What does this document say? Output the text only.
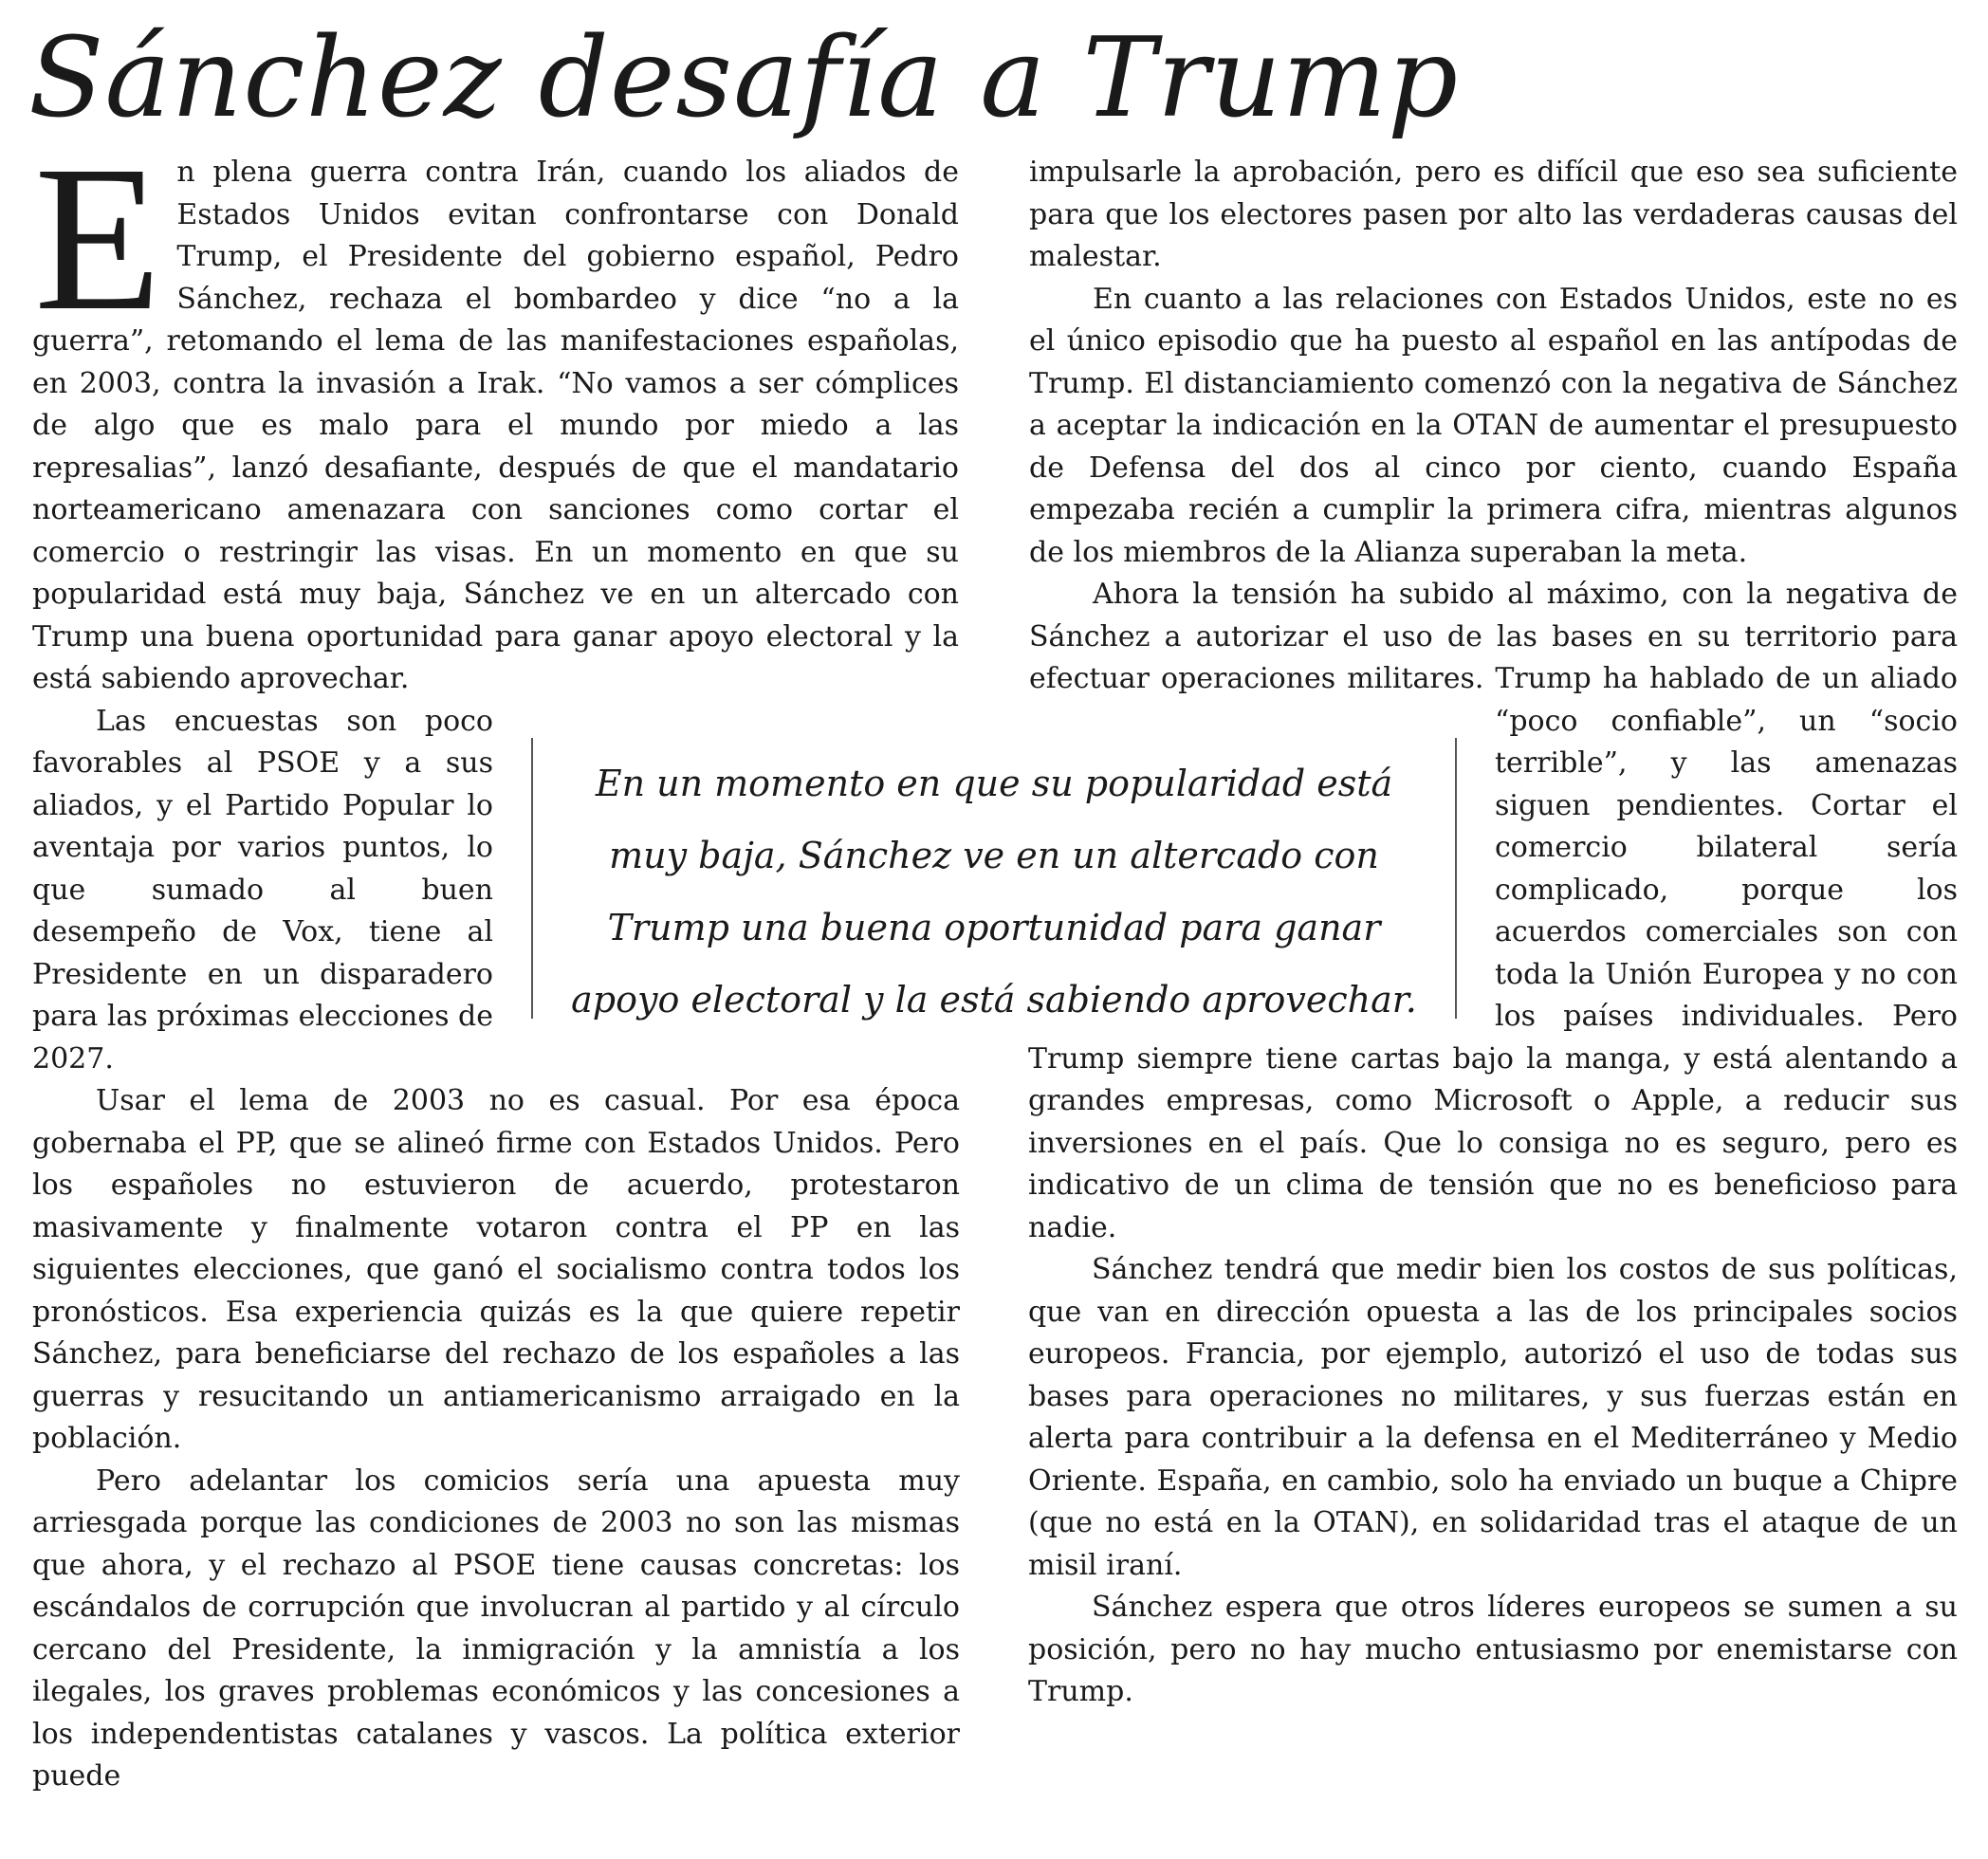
Sánchez desafía a Trump
E n plena guerra contra Irán, cuando los aliados de Estados Unidos evitan confrontarse con Donald Trump, el Presidente del gobierno español, Pedro Sánchez, rechaza el bombardeo y dice “no a la guerra”, retomando el lema de las manifestaciones españolas, en 2003, contra la invasión a Irak. “No vamos a ser cómplices de algo que es malo para el mundo por miedo a las represalias”, lanzó desafiante, después de que el mandatario norteamericano amenazara con sanciones como cortar el comercio o restringir las visas. En un momento en que su popularidad está muy baja, Sánchez ve en un altercado con Trump una buena oportunidad para ganar apoyo electoral y la está sabiendo aprovechar.

Las encuestas son poco favorables al PSOE y a sus aliados, y el Partido Popular lo aventaja por varios puntos, lo que sumado al buen desempeño de Vox, tiene al Presidente en un disparadero para las próximas elecciones de 2027.

Usar el lema de 2003 no es casual. Por esa época gobernaba el PP, que se alineó firme con Estados Unidos. Pero los españoles no estuvieron de acuerdo, protestaron masivamente y finalmente votaron contra el PP en las siguientes elecciones, que ganó el socialismo contra todos los pronósticos. Esa experiencia quizás es la que quiere repetir Sánchez, para beneficiarse del rechazo de los españoles a las guerras y resucitando un antiamericanismo arraigado en la población.

Pero adelantar los comicios sería una apuesta muy arriesgada porque las condiciones de 2003 no son las mismas que ahora, y el rechazo al PSOE tiene causas concretas: los escándalos de corrupción que involucran al partido y al círculo cercano del Presidente, la inmigración y la amnistía a los ilegales, los graves problemas económicos y las concesiones a los independentistas catalanes y vascos. La política exterior puede

impulsarle la aprobación, pero es difícil que eso sea suficiente para que los electores pasen por alto las verdaderas causas del malestar.

En cuanto a las relaciones con Estados Unidos, este no es el único episodio que ha puesto al español en las antípodas de Trump. El distanciamiento comenzó con la negativa de Sánchez a aceptar la indicación en la OTAN de aumentar el presupuesto de Defensa del dos al cinco por ciento, cuando España empezaba recién a cumplir la primera cifra, mientras algunos de los miembros de la Alianza superaban la meta.

Ahora la tensión ha subido al máximo, con la negativa de Sánchez a autorizar el uso de las bases en su territorio para efectuar operaciones militares. Trump ha hablado de un aliado “poco confiable”, un “socio terrible”, y las amenazas siguen pendientes. Cortar el comercio bilateral sería complicado, porque los acuerdos comerciales son con toda la Unión Europea y no con los países individuales. Pero Trump siempre tiene cartas bajo la manga, y está alentando a grandes empresas, como Microsoft o Apple, a reducir sus inversiones en el país. Que lo consiga no es seguro, pero es indicativo de un clima de tensión que no es beneficioso para nadie.

Sánchez tendrá que medir bien los costos de sus políticas, que van en dirección opuesta a las de los principales socios europeos. Francia, por ejemplo, autorizó el uso de todas sus bases para operaciones no militares, y sus fuerzas están en alerta para contribuir a la defensa en el Mediterráneo y Medio Oriente. España, en cambio, solo ha enviado un buque a Chipre (que no está en la OTAN), en solidaridad tras el ataque de un misil iraní.

Sánchez espera que otros líderes europeos se sumen a su posición, pero no hay mucho entusiasmo por enemistarse con Trump.

En un momento en que su popularidad está
muy baja, Sánchez ve en un altercado con
Trump una buena oportunidad para ganar
apoyo electoral y la está sabiendo aprovechar.
